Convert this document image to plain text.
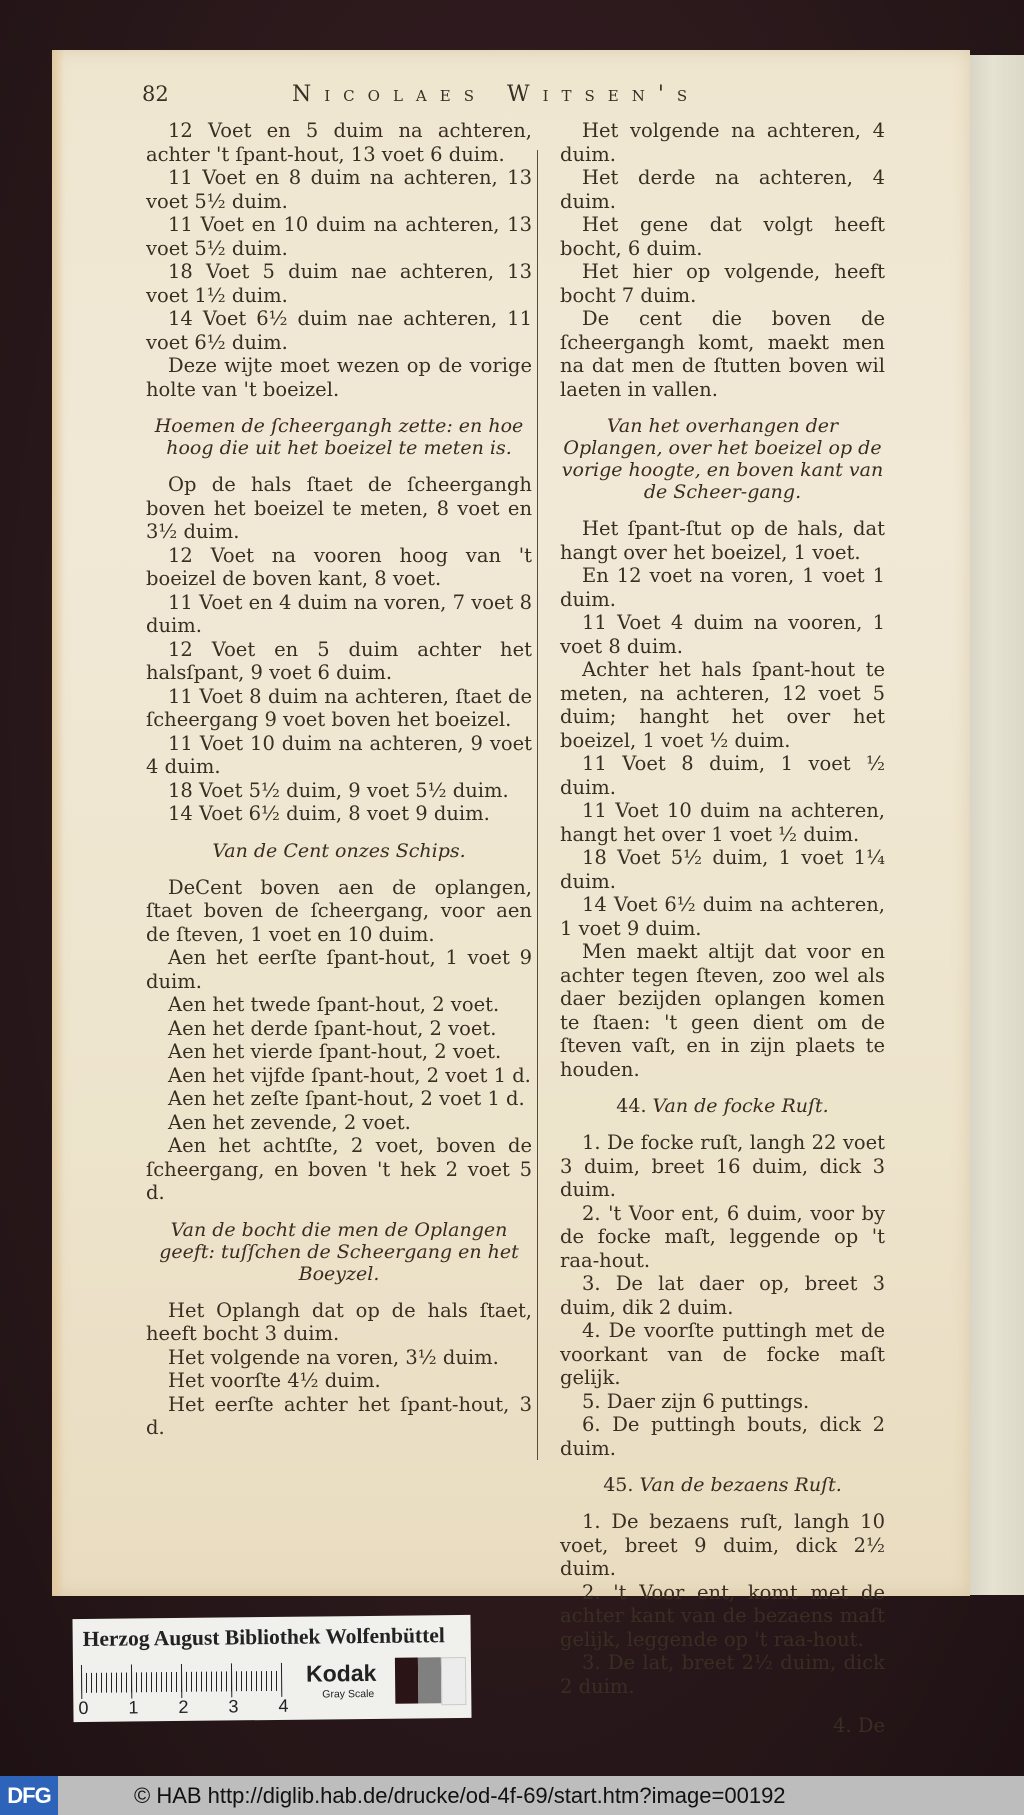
82	Nicolaes Witsen's

12 Voet en 5 duim na achteren, achter 't ſpant-hout, 13 voet 6 duim.

11 Voet en 8 duim na achteren, 13 voet 5½ duim.

11 Voet en 10 duim na achteren, 13 voet 5½ duim.

18 Voet 5 duim nae achteren, 13 voet 1½ duim.

14 Voet 6½ duim nae achteren, 11 voet 6½ duim.

Deze wijte moet wezen op de vorige holte van 't boeizel.

Hoemen de ſcheergangh zette: en hoe hoog die uit het boeizel te meten is.

Op de hals ſtaet de ſcheergangh boven het boeizel te meten, 8 voet en 3½ duim.

12 Voet na vooren hoog van 't boeizel de boven kant, 8 voet.

11 Voet en 4 duim na voren, 7 voet 8 duim.

12 Voet en 5 duim achter het halsſpant, 9 voet 6 duim.

11 Voet 8 duim na achteren, ſtaet de ſcheergang 9 voet boven het boeizel.

11 Voet 10 duim na achteren, 9 voet 4 duim.

18 Voet 5½ duim, 9 voet 5½ duim.

14 Voet 6½ duim, 8 voet 9 duim.

Van de Cent onzes Schips.

DeCent boven aen de oplangen, ſtaet boven de ſcheergang, voor aen de ſteven, 1 voet en 10 duim.

Aen het eerſte ſpant-hout, 1 voet 9 duim.

Aen het twede ſpant-hout, 2 voet.

Aen het derde ſpant-hout, 2 voet.

Aen het vierde ſpant-hout, 2 voet.

Aen het vijfde ſpant-hout, 2 voet 1 d.

Aen het zeſte ſpant-hout, 2 voet 1 d.

Aen het zevende, 2 voet.

Aen het achtſte, 2 voet, boven de ſcheergang, en boven 't hek 2 voet 5 d.

Van de bocht die men de Oplangen geeft: tuſſchen de Scheergang en het Boeyzel.

Het Oplangh dat op de hals ſtaet, heeft bocht 3 duim.

Het volgende na voren, 3½ duim.

Het voorſte 4½ duim.

Het eerſte achter het ſpant-hout, 3 d.

Het volgende na achteren, 4 duim.

Het derde na achteren, 4 duim.

Het gene dat volgt heeft bocht, 6 duim.

Het hier op volgende, heeft bocht 7 duim.

De cent die boven de ſcheergangh komt, maekt men na dat men de ſtutten boven wil laeten in vallen.

Van het overhangen der Oplangen, over het boeizel op de vorige hoogte, en boven kant van de Scheer-gang.

Het ſpant-ſtut op de hals, dat hangt over het boeizel, 1 voet.

En 12 voet na voren, 1 voet 1 duim.

11 Voet 4 duim na vooren, 1 voet 8 duim.

Achter het hals ſpant-hout te meten, na achteren, 12 voet 5 duim; hanght het over het boeizel, 1 voet ½ duim.

11 Voet 8 duim, 1 voet ½ duim.

11 Voet 10 duim na achteren, hangt het over 1 voet ½ duim.

18 Voet 5½ duim, 1 voet 1¼ duim.

14 Voet 6½ duim na achteren, 1 voet 9 duim.

Men maekt altijt dat voor en achter tegen ſteven, zoo wel als daer bezijden oplangen komen te ſtaen: 't geen dient om de ſteven vaſt, en in zijn plaets te houden.

44. Van de focke Ruſt.

1. De focke ruſt, langh 22 voet 3 duim, breet 16 duim, dick 3 duim.

2. 't Voor ent, 6 duim, voor by de focke maſt, leggende op 't raa-hout.

3. De lat daer op, breet 3 duim, dik 2 duim.

4. De voorſte puttingh met de voorkant van de focke maſt gelijk.

5. Daer zijn 6 puttings.

6. De puttingh bouts, dick 2 duim.

45. Van de bezaens Ruſt.

1. De bezaens ruſt, langh 10 voet, breet 9 duim, dick 2½ duim.

2. 't Voor ent, komt met de achter kant van de bezaens maſt gelijk, leggende op 't raa-hout.

3. De lat, breet 2½ duim, dick 2 duim.

4. De
Herzog August Bibliothek Wolfenbüttel
0 1 2 3 4
Kodak
Gray Scale
DFG	© HAB http://diglib.hab.de/drucke/od-4f-69/start.htm?image=00192
